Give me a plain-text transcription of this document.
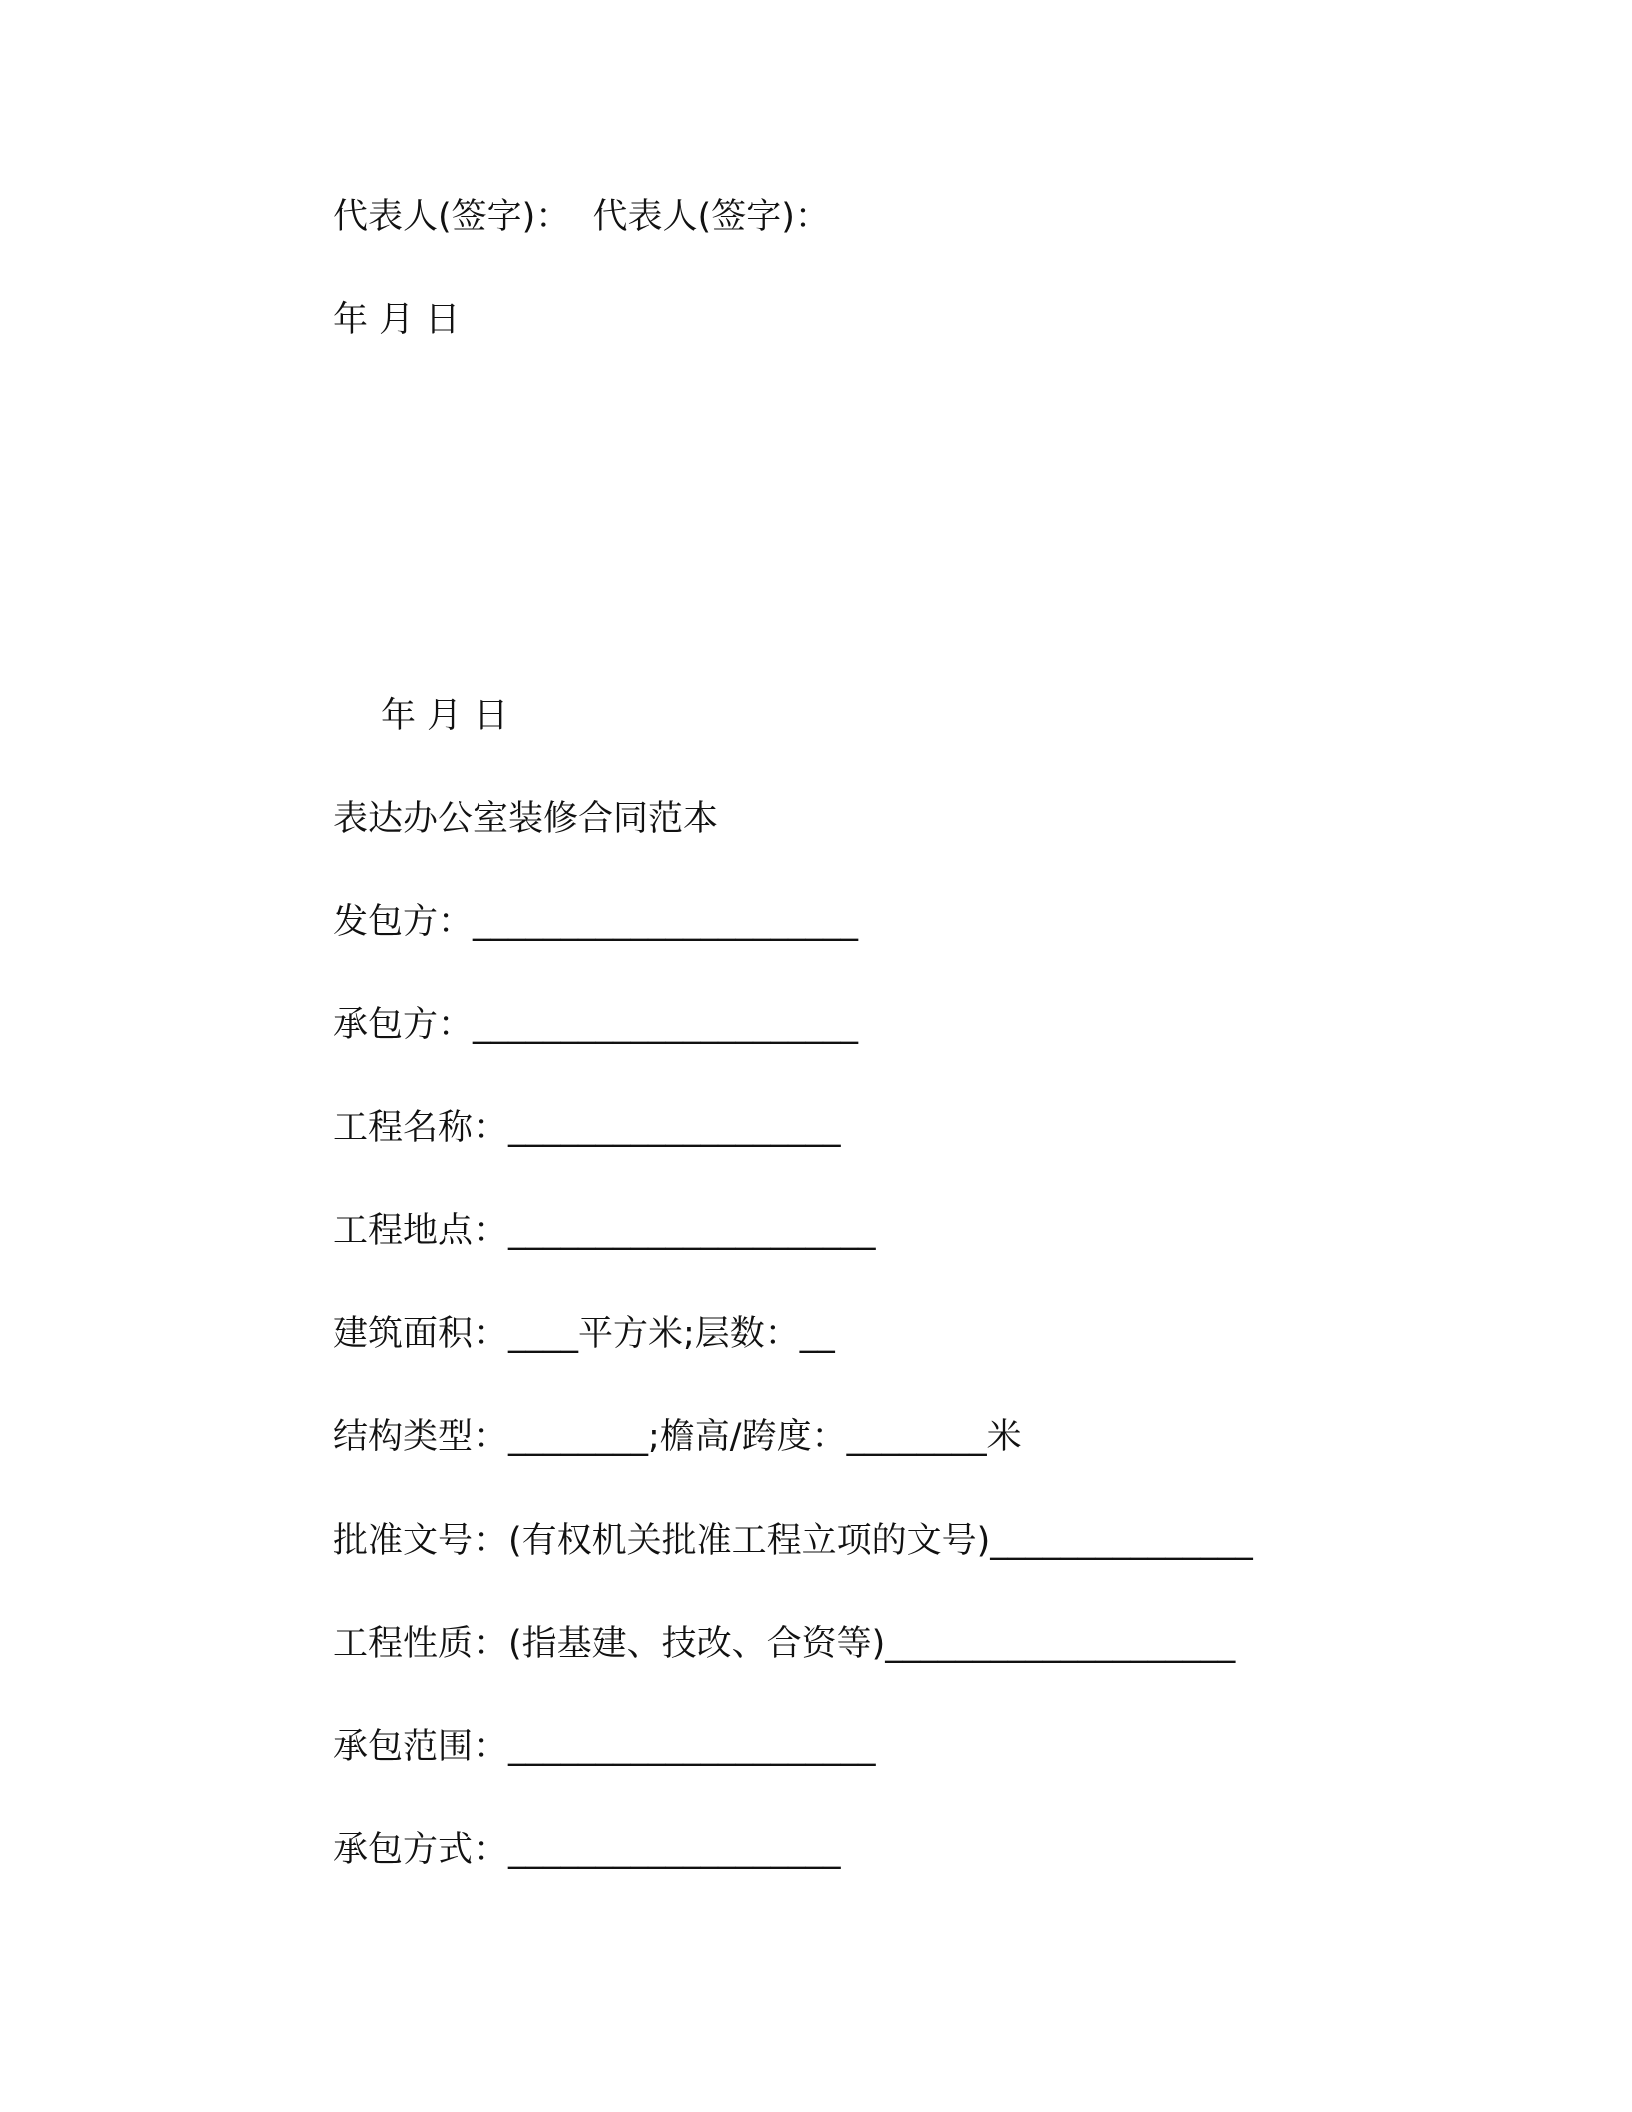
代表人(签字)：  代表人(签字)：
年 月 日
年 月 日
表达办公室装修合同范本
发包方：______________________
承包方：______________________
工程名称：___________________
工程地点：_____________________
建筑面积：____平方米;层数：__
结构类型：________;檐高/跨度：________米
批准文号：(有权机关批准工程立项的文号)_______________
工程性质：(指基建、技改、合资等)____________________
承包范围：_____________________
承包方式：___________________
